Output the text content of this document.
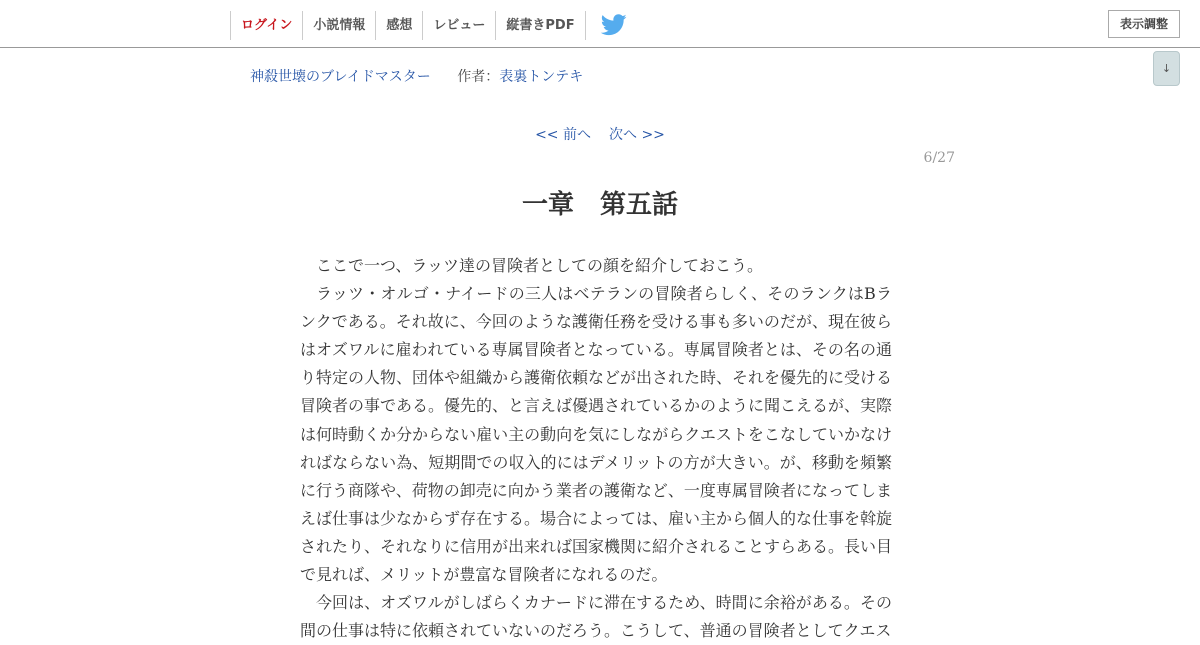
ログイン	小説情報	感想	レビュー	縦書きPDF	表示調整
↓
神殺世壊のブレイドマスター 作者：表裏トンテキ
<< 前へ 次へ >>
6/27
一章　第五話

ここで一つ、ラッツ達の冒険者としての顔を紹介しておこう。

ラッツ・オルゴ・ナイードの三人はベテランの冒険者らしく、そのランクはBランクである。それ故に、今回のような護衛任務を受ける事も多いのだが、現在彼らはオズワルに雇われている専属冒険者となっている。専属冒険者とは、その名の通り特定の人物、団体や組織から護衛依頼などが出された時、それを優先的に受ける冒険者の事である。優先的、と言えば優遇されているかのように聞こえるが、実際は何時動くか分からない雇い主の動向を気にしながらクエストをこなしていかなければならない為、短期間での収入的にはデメリットの方が大きい。が、移動を頻繁に行う商隊や、荷物の卸売に向かう業者の護衛など、一度専属冒険者になってしまえば仕事は少なからず存在する。場合によっては、雇い主から個人的な仕事を斡旋されたり、それなりに信用が出来れば国家機関に紹介されることすらある。長い目で見れば、メリットが豊富な冒険者になれるのだ。

今回は、オズワルがしばらくカナードに滞在するため、時間に余裕がある。その間の仕事は特に依頼されていないのだろう。こうして、普通の冒険者としてクエス
